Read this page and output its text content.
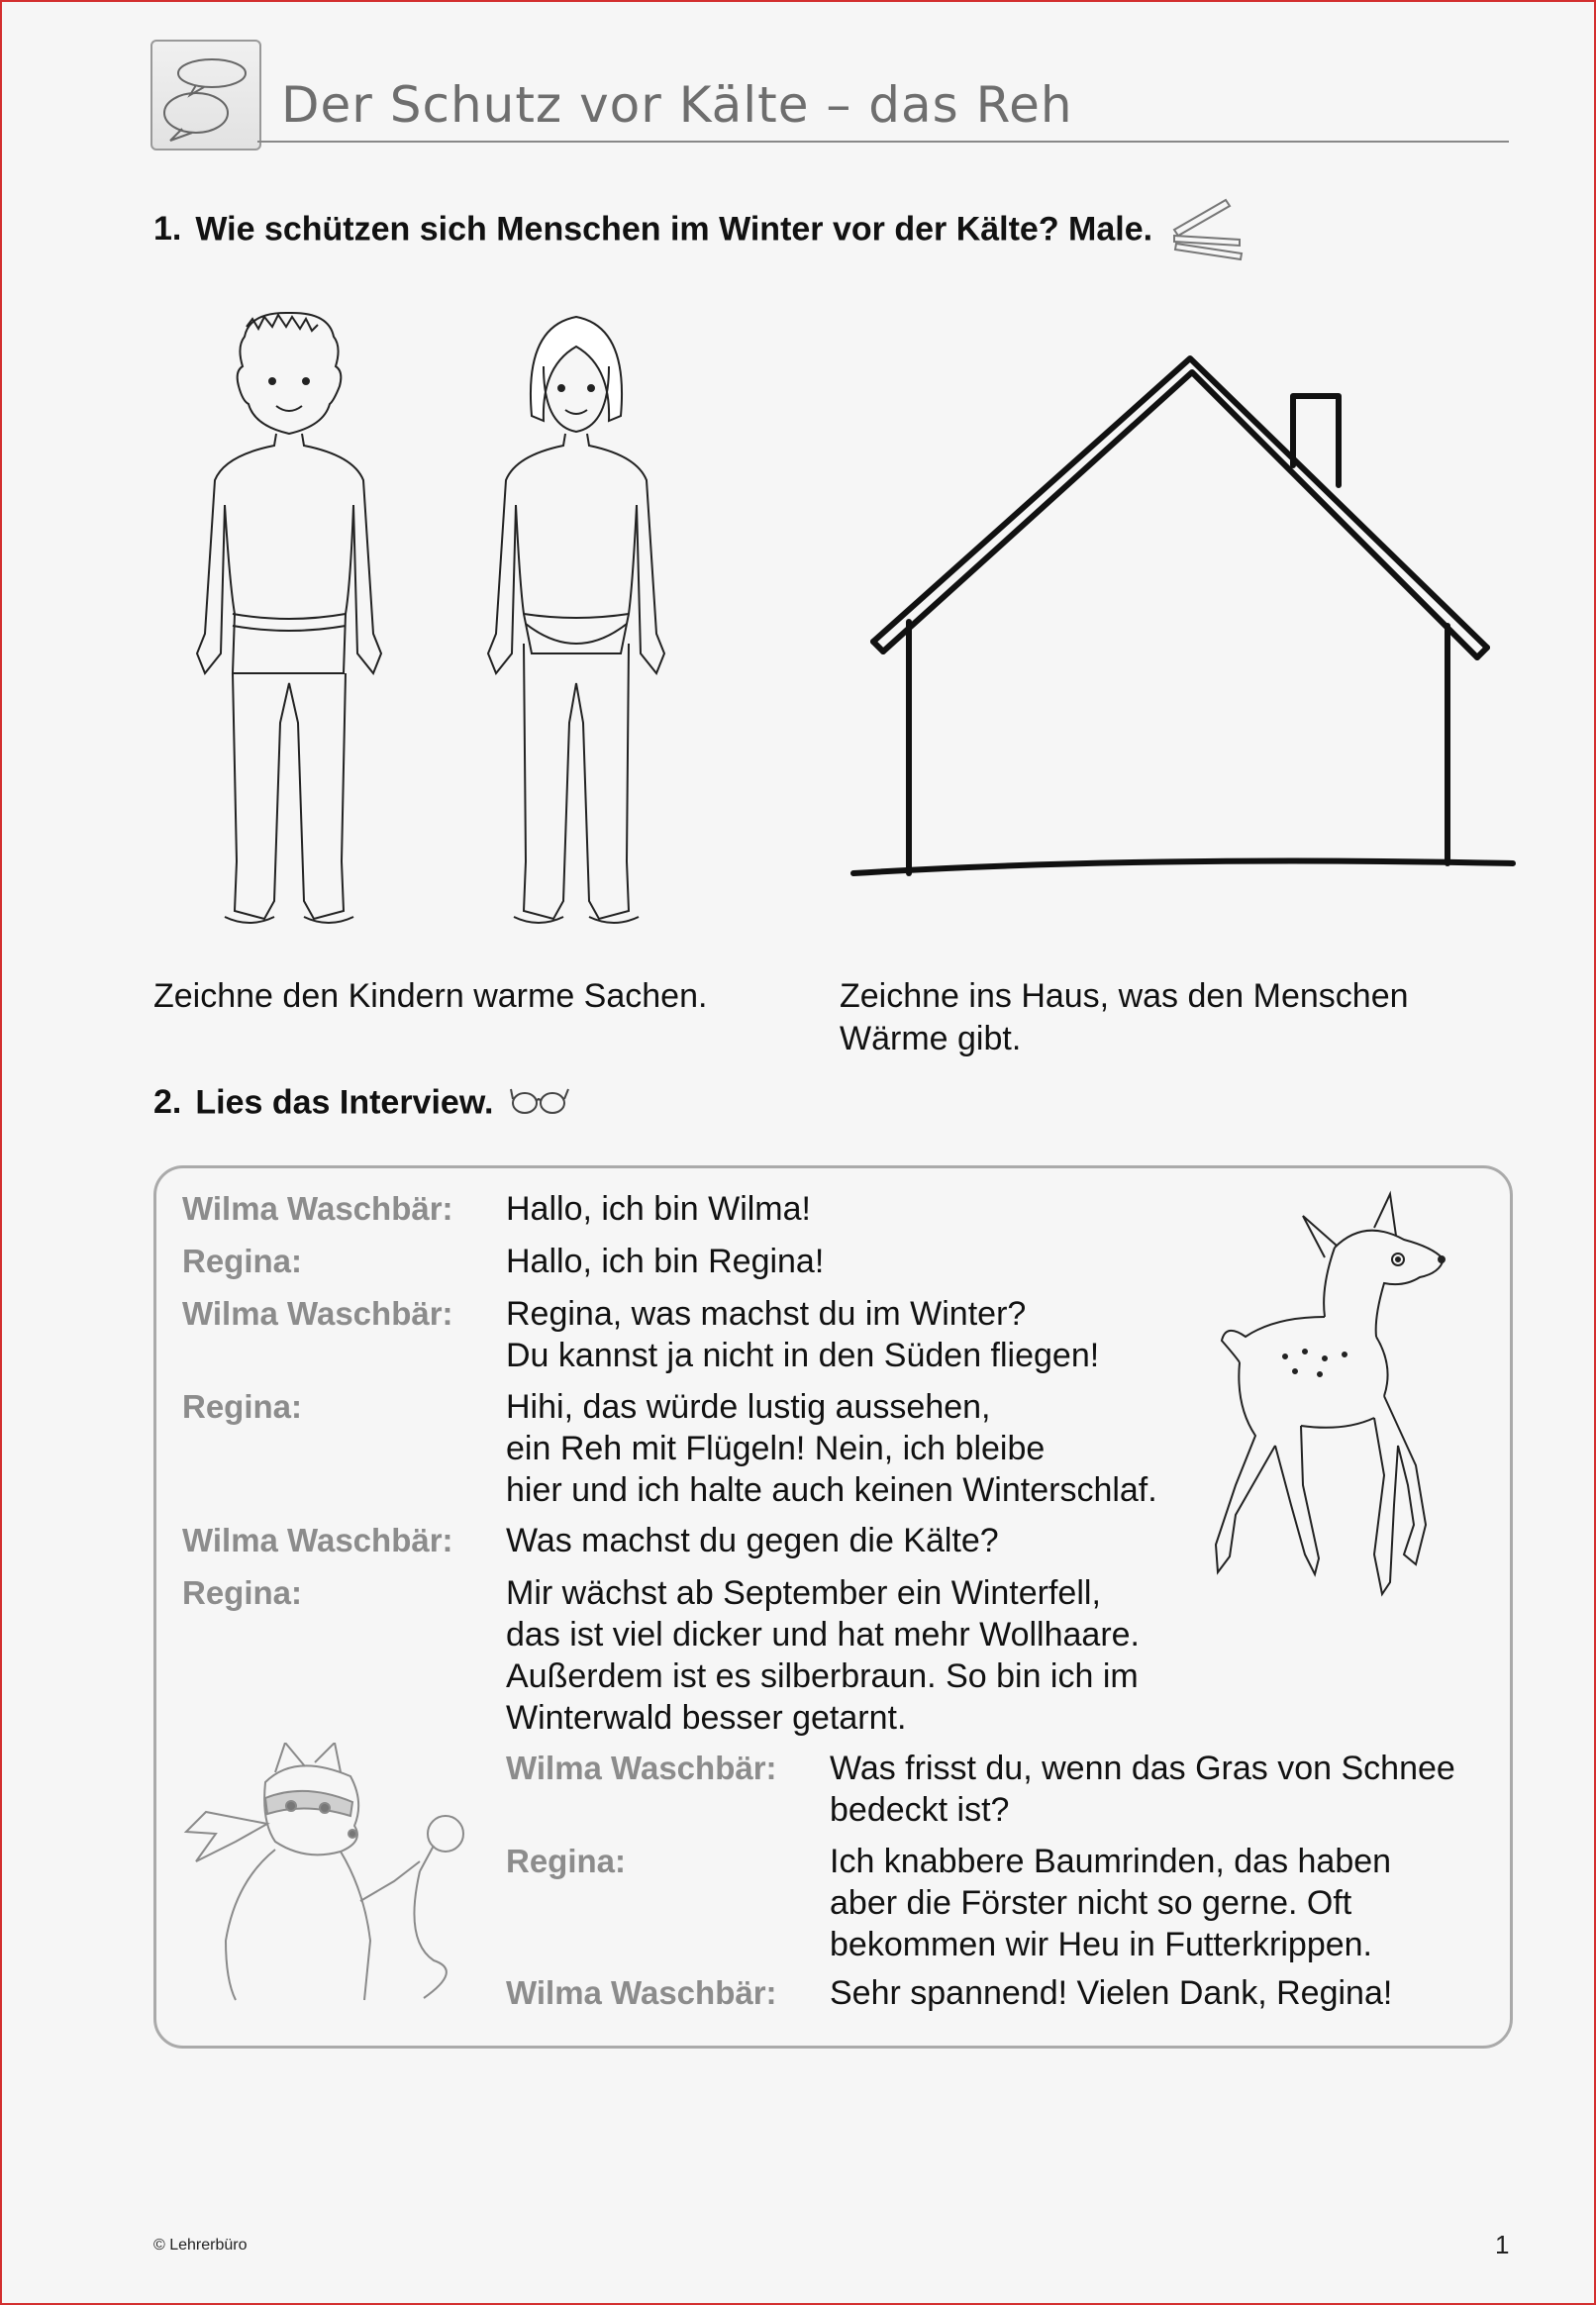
Der Schutz vor Kälte – das Reh
1. Wie schützen sich Menschen im Winter vor der Kälte? Male.
Zeichne den Kindern warme Sachen.	Zeichne ins Haus, was den Menschen
Wärme gibt.
2. Lies das Interview.
Wilma Waschbär: Hallo, ich bin Wilma!
Regina:	Hallo, ich bin Regina!
Wilma Waschbär: Regina, was machst du im Winter?
Du kannst ja nicht in den Süden fliegen!
Regina:	Hihi, das würde lustig aussehen,
ein Reh mit Flügeln! Nein, ich bleibe
hier und ich halte auch keinen Winterschlaf.
Wilma Waschbär: Was machst du gegen die Kälte?
Regina:	Mir wächst ab September ein Winterfell,
das ist viel dicker und hat mehr Wollhaare.
Außerdem ist es silberbraun. So bin ich im
Winterwald besser getarnt.
Wilma Waschbär: Was frisst du, wenn das Gras von Schnee
bedeckt ist?
Regina:	Ich knabbere Baumrinden, das haben
aber die Förster nicht so gerne. Oft
bekommen wir Heu in Futterkrippen.
Wilma Waschbär: Sehr spannend! Vielen Dank, Regina!
© Lehrerbüro	1
